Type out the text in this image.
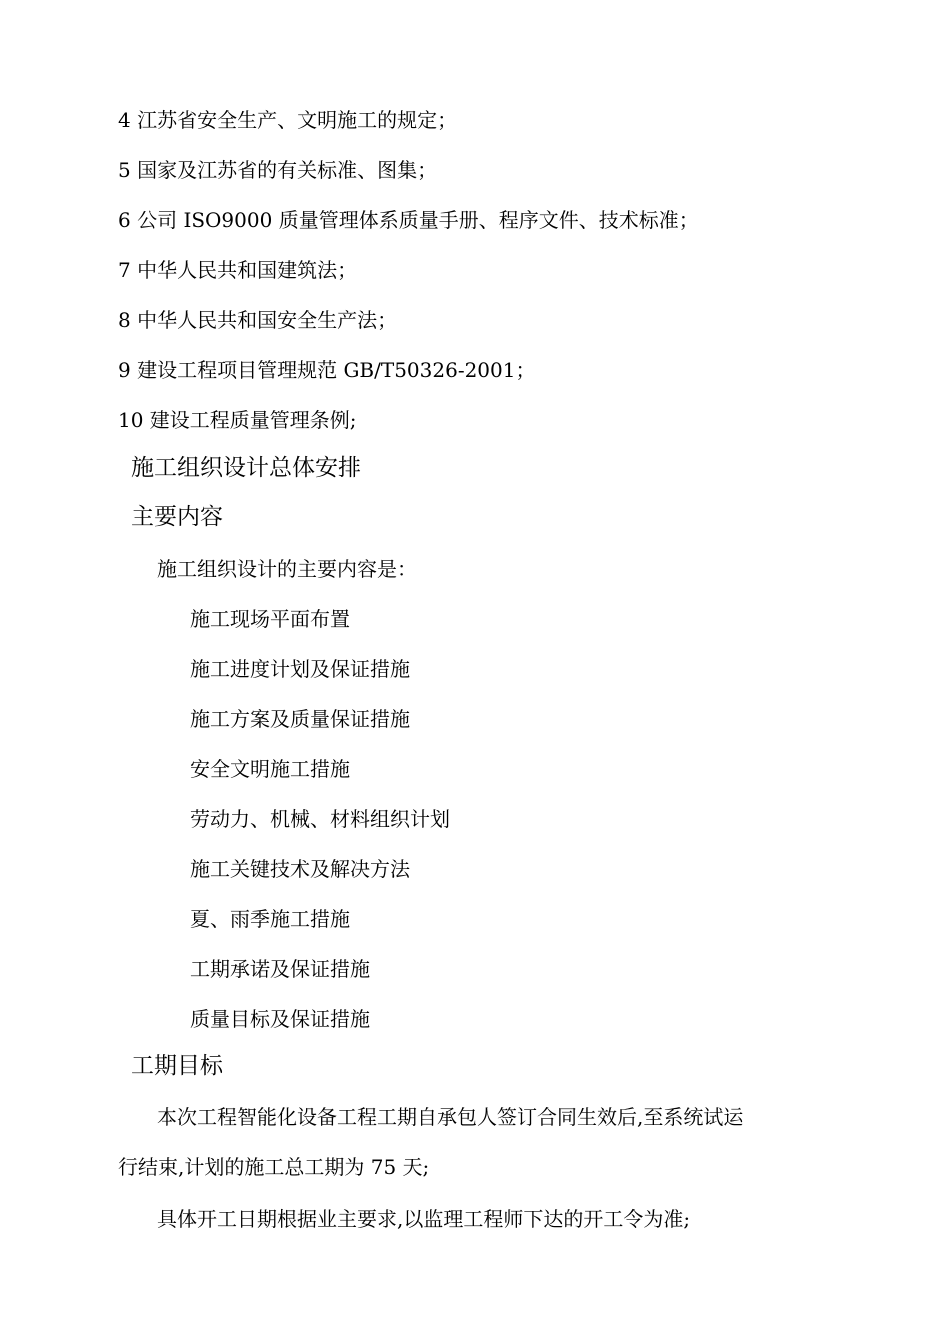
4 江苏省安全生产、文明施工的规定；
5 国家及江苏省的有关标准、图集；
6 公司 ISO9000 质量管理体系质量手册、程序文件、技术标准；
7 中华人民共和国建筑法；
8 中华人民共和国安全生产法；
9 建设工程项目管理规范 GB/T50326-2001；
10 建设工程质量管理条例;
施工组织设计总体安排
主要内容
施工组织设计的主要内容是：
施工现场平面布置
施工进度计划及保证措施
施工方案及质量保证措施
安全文明施工措施
劳动力、机械、材料组织计划
施工关键技术及解决方法
夏、雨季施工措施
工期承诺及保证措施
质量目标及保证措施
工期目标
本次工程智能化设备工程工期自承包人签订合同生效后,至系统试运
行结束,计划的施工总工期为 75 天;
具体开工日期根据业主要求,以监理工程师下达的开工令为准;
